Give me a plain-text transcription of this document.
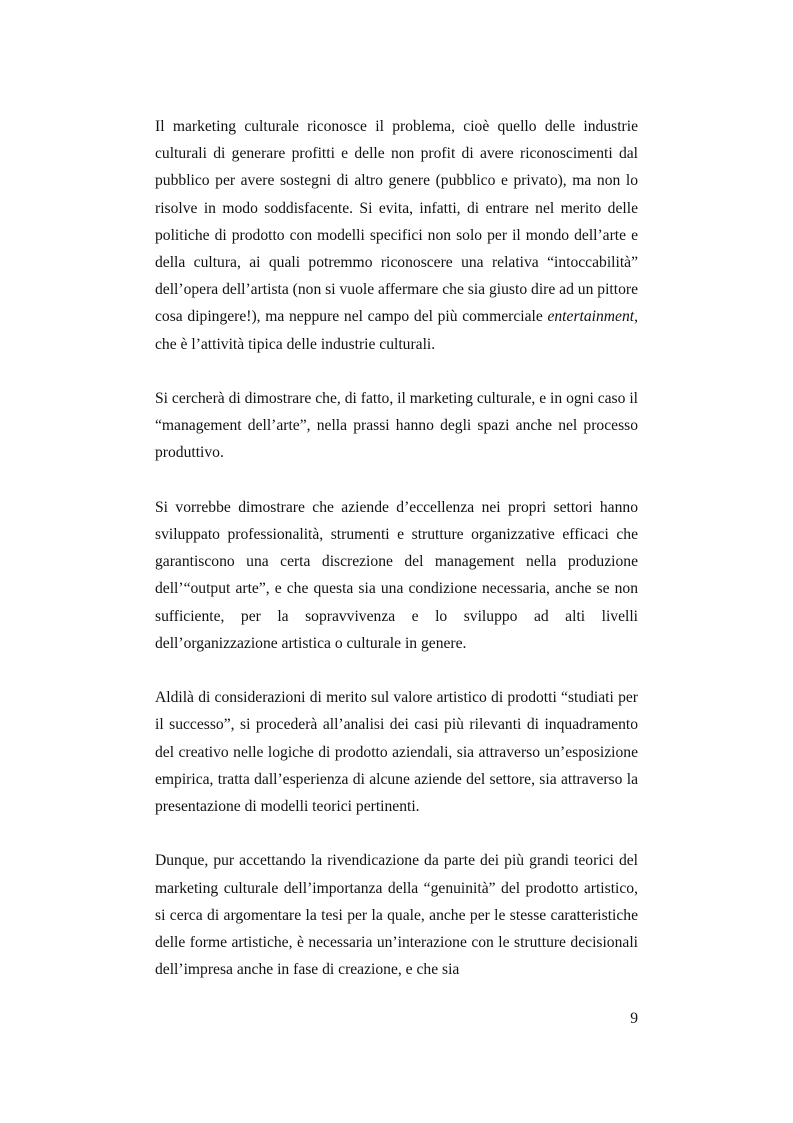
Il marketing culturale riconosce il problema, cioè quello delle industrie culturali di generare profitti e delle non profit di avere riconoscimenti dal pubblico per avere sostegni di altro genere (pubblico e privato), ma non lo risolve in modo soddisfacente. Si evita, infatti, di entrare nel merito delle politiche di prodotto con modelli specifici non solo per il mondo dell’arte e della cultura, ai quali potremmo riconoscere una relativa “intoccabilità” dell’opera dell’artista (non si vuole affermare che sia giusto dire ad un pittore cosa dipingere!), ma neppure nel campo del più commerciale entertainment, che è l’attività tipica delle industrie culturali.

Si cercherà di dimostrare che, di fatto, il marketing culturale, e in ogni caso il “management dell’arte”, nella prassi hanno degli spazi anche nel processo produttivo.

Si vorrebbe dimostrare che aziende d’eccellenza nei propri settori hanno sviluppato professionalità, strumenti e strutture organizzative efficaci che garantiscono una certa discrezione del management nella produzione dell’“output arte”, e che questa sia una condizione necessaria, anche se non sufficiente, per la sopravvivenza e lo sviluppo ad alti livelli dell’organizzazione artistica o culturale in genere.

Aldilà di considerazioni di merito sul valore artistico di prodotti “studiati per il successo”, si procederà all’analisi dei casi più rilevanti di inquadramento del creativo nelle logiche di prodotto aziendali, sia attraverso un’esposizione empirica, tratta dall’esperienza di alcune aziende del settore, sia attraverso la presentazione di modelli teorici pertinenti.

Dunque, pur accettando la rivendicazione da parte dei più grandi teorici del marketing culturale dell’importanza della “genuinità” del prodotto artistico, si cerca di argomentare la tesi per la quale, anche per le stesse caratteristiche delle forme artistiche, è necessaria un’interazione con le strutture decisionali dell’impresa anche in fase di creazione, e che sia

9
